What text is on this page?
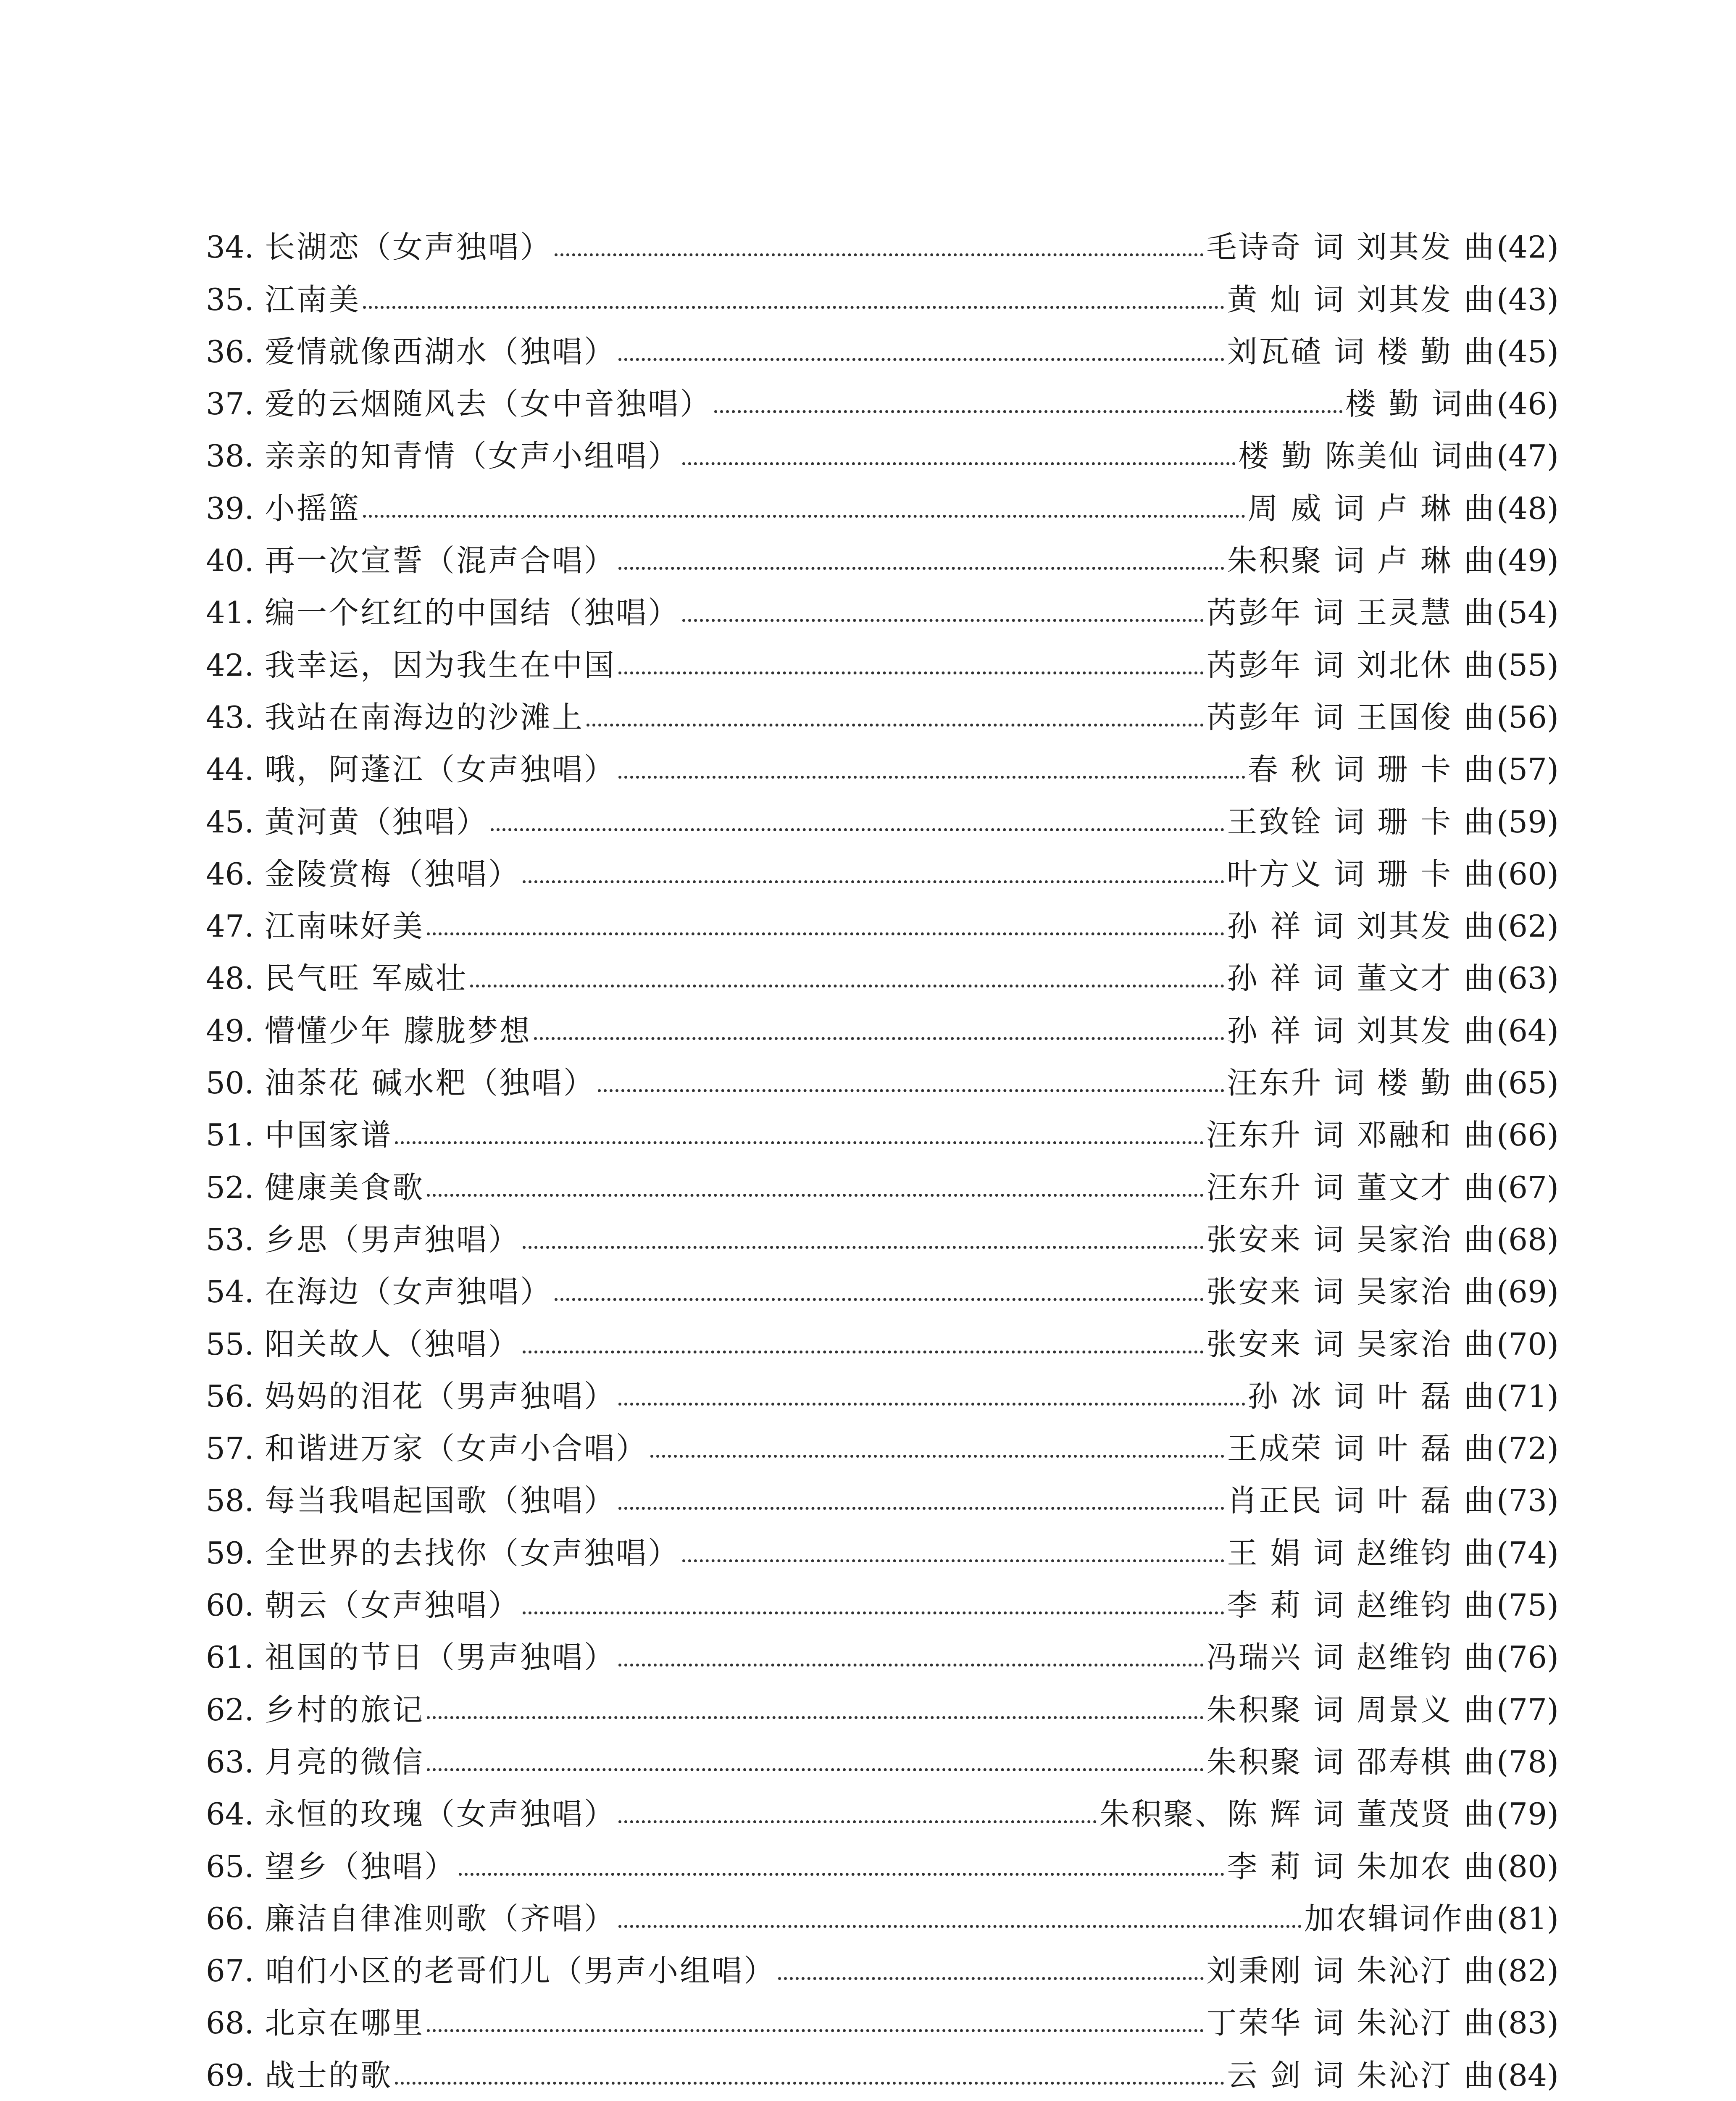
34. 长湖恋（女声独唱）	毛诗奇 词 刘其发 曲 (42)
35. 江南美	黄 灿 词 刘其发 曲 (43)
36. 爱情就像西湖水（独唱）	刘瓦碴 词 楼 勤 曲 (45)
37. 爱的云烟随风去（女中音独唱）	楼 勤 词曲 (46)
38. 亲亲的知青情（女声小组唱）	楼 勤 陈美仙 词曲 (47)
39. 小摇篮	周 威 词 卢 琳 曲 (48)
40. 再一次宣誓（混声合唱）	朱积聚 词 卢 琳 曲 (49)
41. 编一个红红的中国结（独唱）	芮彭年 词 王灵慧 曲 (54)
42. 我幸运，因为我生在中国	芮彭年 词 刘北休 曲 (55)
43. 我站在南海边的沙滩上	芮彭年 词 王国俊 曲 (56)
44. 哦，阿蓬江（女声独唱）	春 秋 词 珊 卡 曲 (57)
45. 黄河黄（独唱）	王致铨 词 珊 卡 曲 (59)
46. 金陵赏梅（独唱）	叶方义 词 珊 卡 曲 (60)
47. 江南味好美	孙 祥 词 刘其发 曲 (62)
48. 民气旺 军威壮	孙 祥 词 董文才 曲 (63)
49. 懵懂少年 朦胧梦想	孙 祥 词 刘其发 曲 (64)
50. 油茶花 碱水粑（独唱）	汪东升 词 楼 勤 曲 (65)
51. 中国家谱	汪东升 词 邓融和 曲 (66)
52. 健康美食歌	汪东升 词 董文才 曲 (67)
53. 乡思（男声独唱）	张安来 词 吴家治 曲 (68)
54. 在海边（女声独唱）	张安来 词 吴家治 曲 (69)
55. 阳关故人（独唱）	张安来 词 吴家治 曲 (70)
56. 妈妈的泪花（男声独唱）	孙 冰 词 叶 磊 曲 (71)
57. 和谐进万家（女声小合唱）	王成荣 词 叶 磊 曲 (72)
58. 每当我唱起国歌（独唱）	肖正民 词 叶 磊 曲 (73)
59. 全世界的去找你（女声独唱）	王 娟 词 赵维钧 曲 (74)
60. 朝云（女声独唱）	李 莉 词 赵维钧 曲 (75)
61. 祖国的节日（男声独唱）	冯瑞兴 词 赵维钧 曲 (76)
62. 乡村的旅记	朱积聚 词 周景义 曲 (77)
63. 月亮的微信	朱积聚 词 邵寿棋 曲 (78)
64. 永恒的玫瑰（女声独唱）	朱积聚、陈 辉 词 董茂贤 曲 (79)
65. 望乡（独唱）	李 莉 词 朱加农 曲 (80)
66. 廉洁自律准则歌（齐唱）	加农辑词作曲 (81)
67. 咱们小区的老哥们儿（男声小组唱）	刘秉刚 词 朱沁汀 曲 (82)
68. 北京在哪里	丁荣华 词 朱沁汀 曲 (83)
69. 战士的歌	云 剑 词 朱沁汀 曲 (84)
